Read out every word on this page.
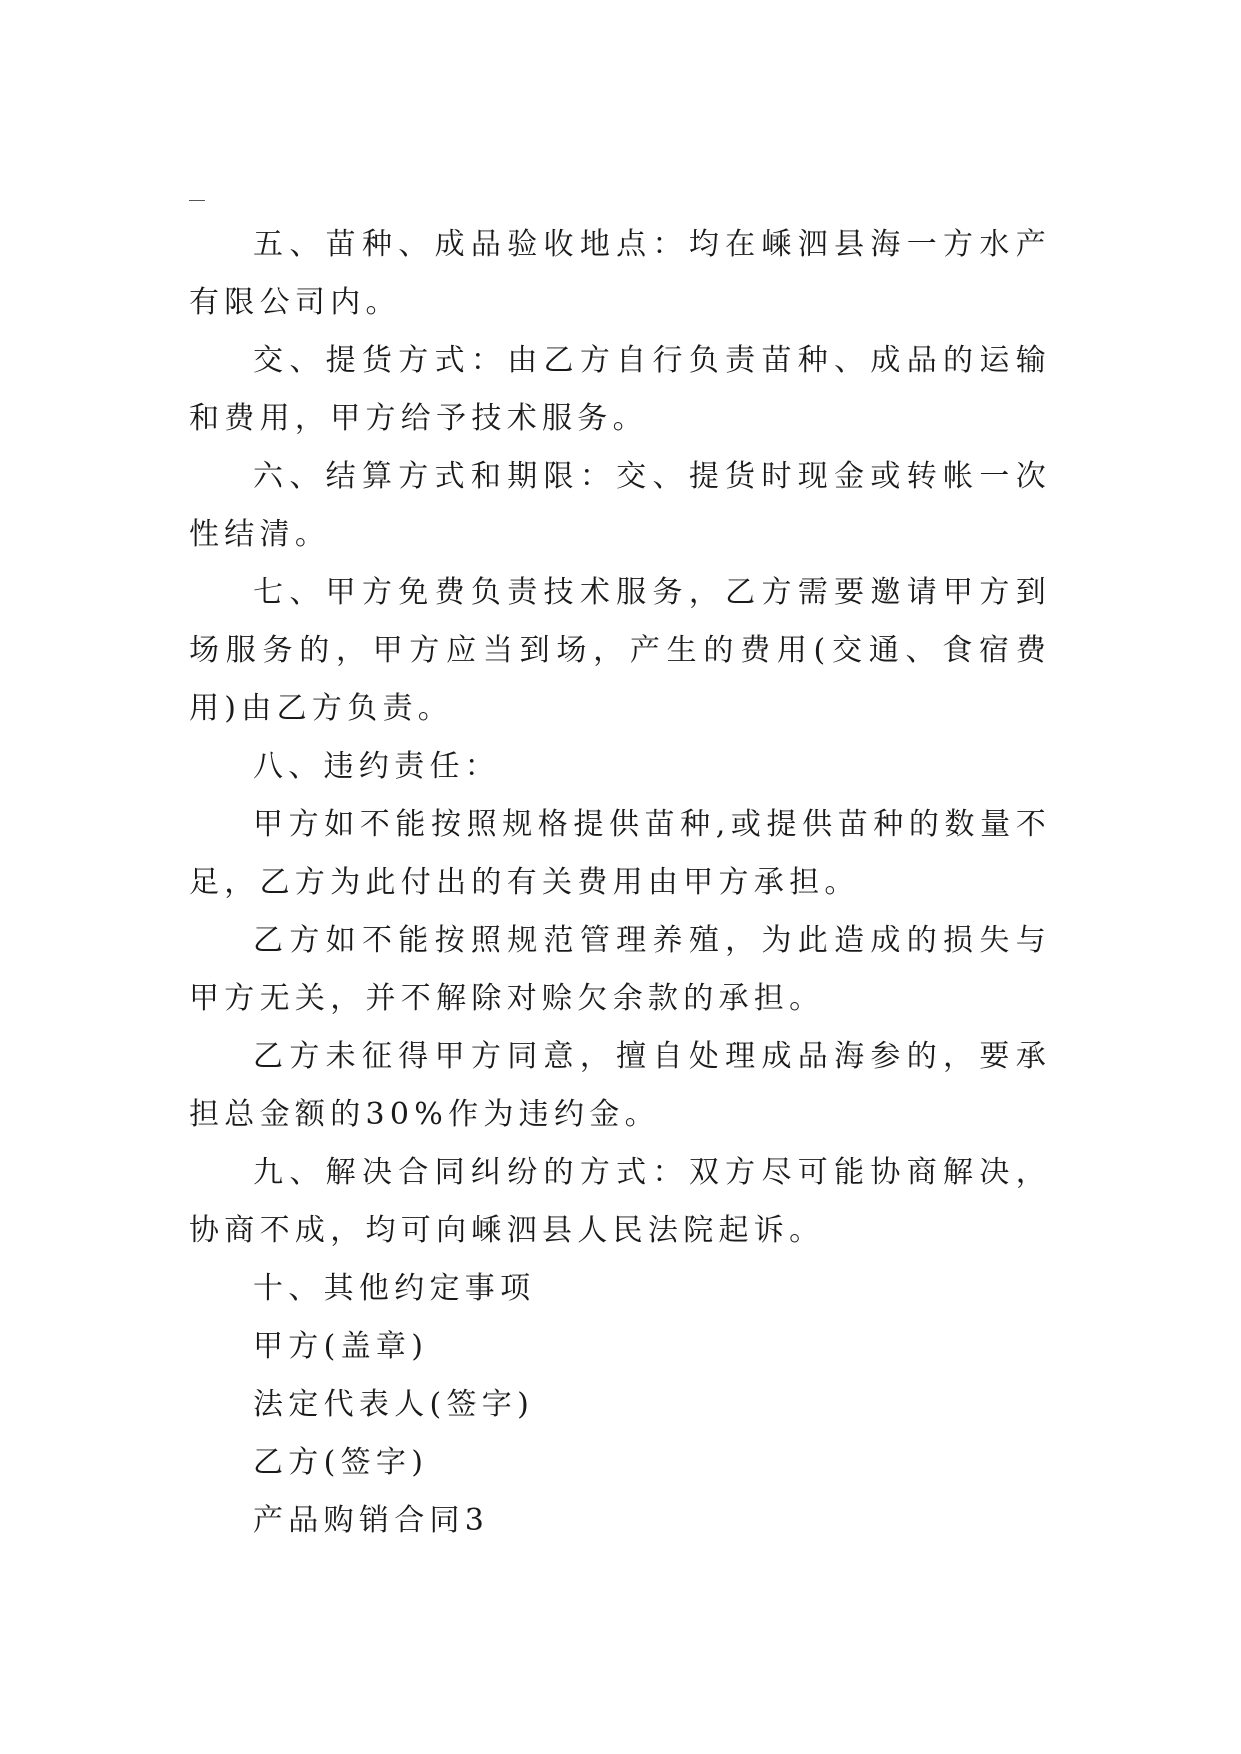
五、苗种、成品验收地点：均在嵊泗县海一方水产有限公司内。

交、提货方式：由乙方自行负责苗种、成品的运输和费用，甲方给予技术服务。

六、结算方式和期限：交、提货时现金或转帐一次性结清。

七、甲方免费负责技术服务，乙方需要邀请甲方到场服务的，甲方应当到场，产生的费用(交通、食宿费用)由乙方负责。

八、违约责任：

甲方如不能按照规格提供苗种,或提供苗种的数量不足，乙方为此付出的有关费用由甲方承担。

乙方如不能按照规范管理养殖，为此造成的损失与甲方无关，并不解除对赊欠余款的承担。

乙方未征得甲方同意，擅自处理成品海参的，要承担总金额的30%作为违约金。

九、解决合同纠纷的方式：双方尽可能协商解决，协商不成，均可向嵊泗县人民法院起诉。

十、其他约定事项

甲方(盖章)

法定代表人(签字)

乙方(签字)

产品购销合同3
